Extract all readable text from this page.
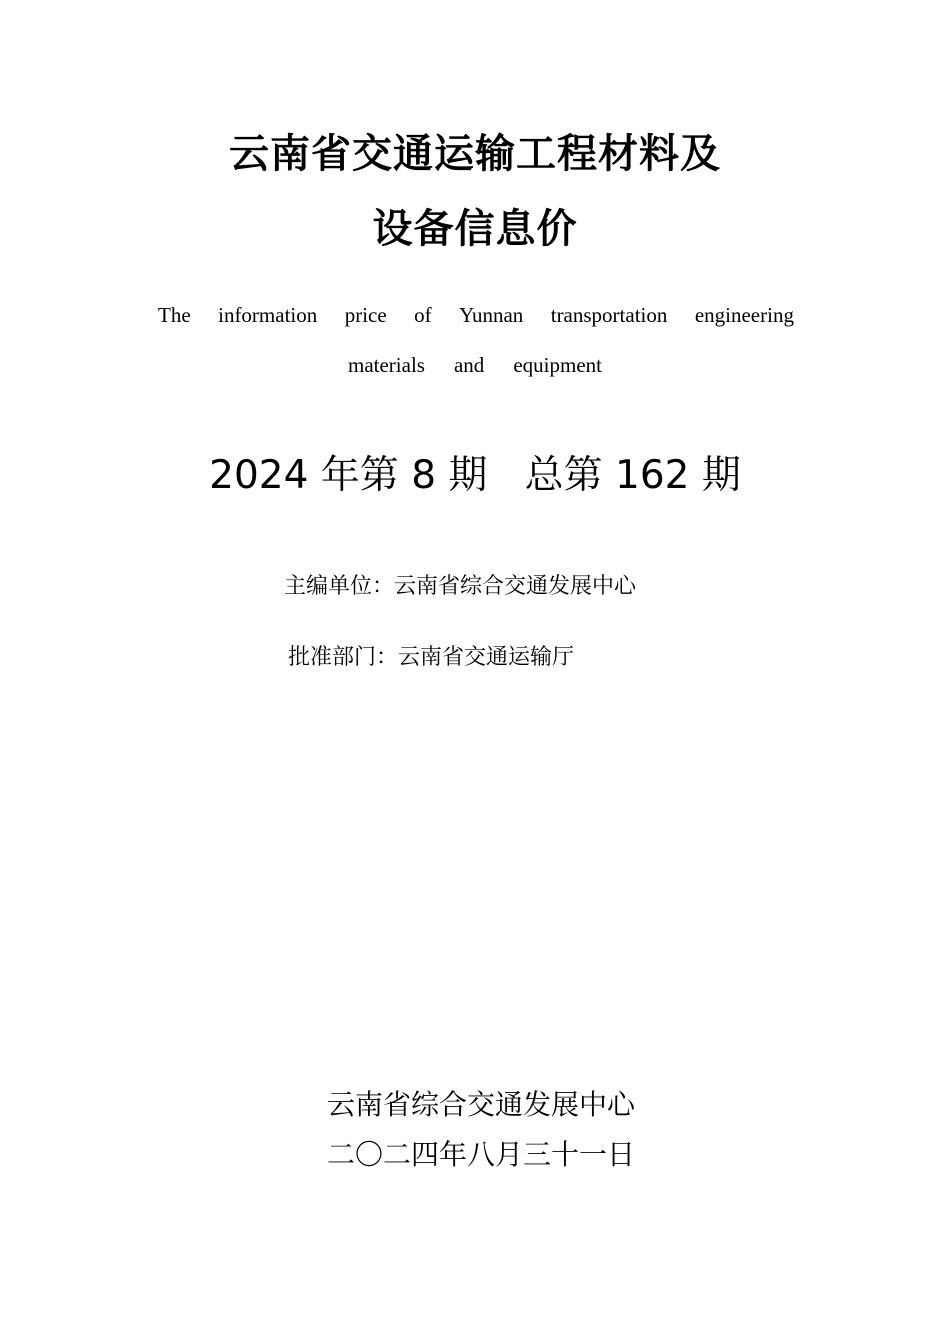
云南省交通运输工程材料及
设备信息价
The information price of Yunnan transportation engineering
materials and equipment
2024 年第 8 期   总第 162 期
主编单位：云南省综合交通发展中心
批准部门：云南省交通运输厅
云南省综合交通发展中心
二〇二四年八月三十一日
